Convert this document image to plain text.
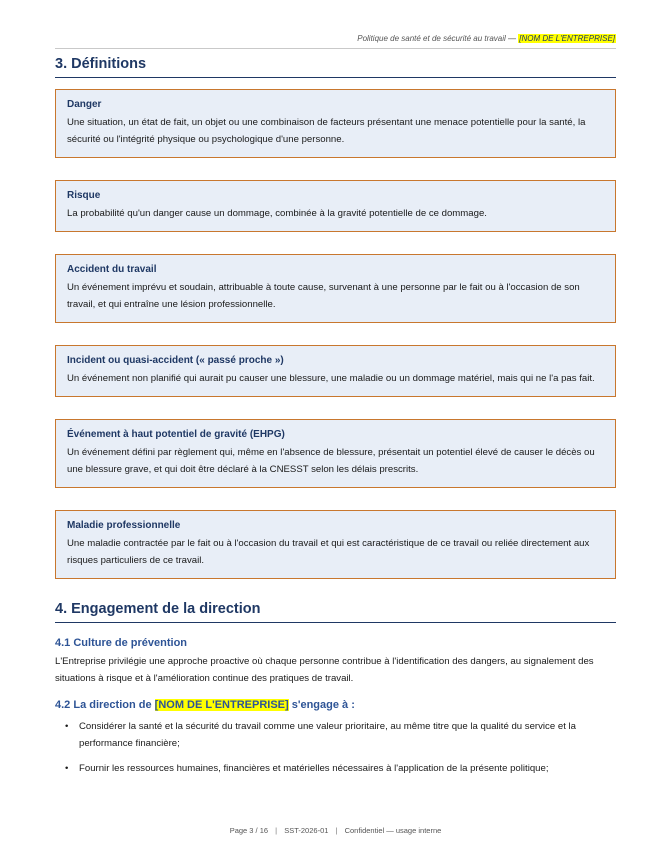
Politique de santé et de sécurité au travail — [NOM DE L'ENTREPRISE]
3. Définitions
Danger
Une situation, un état de fait, un objet ou une combinaison de facteurs présentant une menace potentielle pour la santé, la sécurité ou l'intégrité physique ou psychologique d'une personne.
Risque
La probabilité qu'un danger cause un dommage, combinée à la gravité potentielle de ce dommage.
Accident du travail
Un événement imprévu et soudain, attribuable à toute cause, survenant à une personne par le fait ou à l'occasion de son travail, et qui entraîne une lésion professionnelle.
Incident ou quasi-accident (« passé proche »)
Un événement non planifié qui aurait pu causer une blessure, une maladie ou un dommage matériel, mais qui ne l'a pas fait.
Événement à haut potentiel de gravité (EHPG)
Un événement défini par règlement qui, même en l'absence de blessure, présentait un potentiel élevé de causer le décès ou une blessure grave, et qui doit être déclaré à la CNESST selon les délais prescrits.
Maladie professionnelle
Une maladie contractée par le fait ou à l'occasion du travail et qui est caractéristique de ce travail ou reliée directement aux risques particuliers de ce travail.
4. Engagement de la direction
4.1 Culture de prévention

L'Entreprise privilégie une approche proactive où chaque personne contribue à l'identification des dangers, au signalement des situations à risque et à l'amélioration continue des pratiques de travail.

4.2 La direction de [NOM DE L'ENTREPRISE] s'engage à :
• Considérer la santé et la sécurité du travail comme une valeur prioritaire, au même titre que la qualité du service et la performance financière;
• Fournir les ressources humaines, financières et matérielles nécessaires à l'application de la présente politique;
Page 3 / 16 | SST-2026-01 | Confidentiel — usage interne
